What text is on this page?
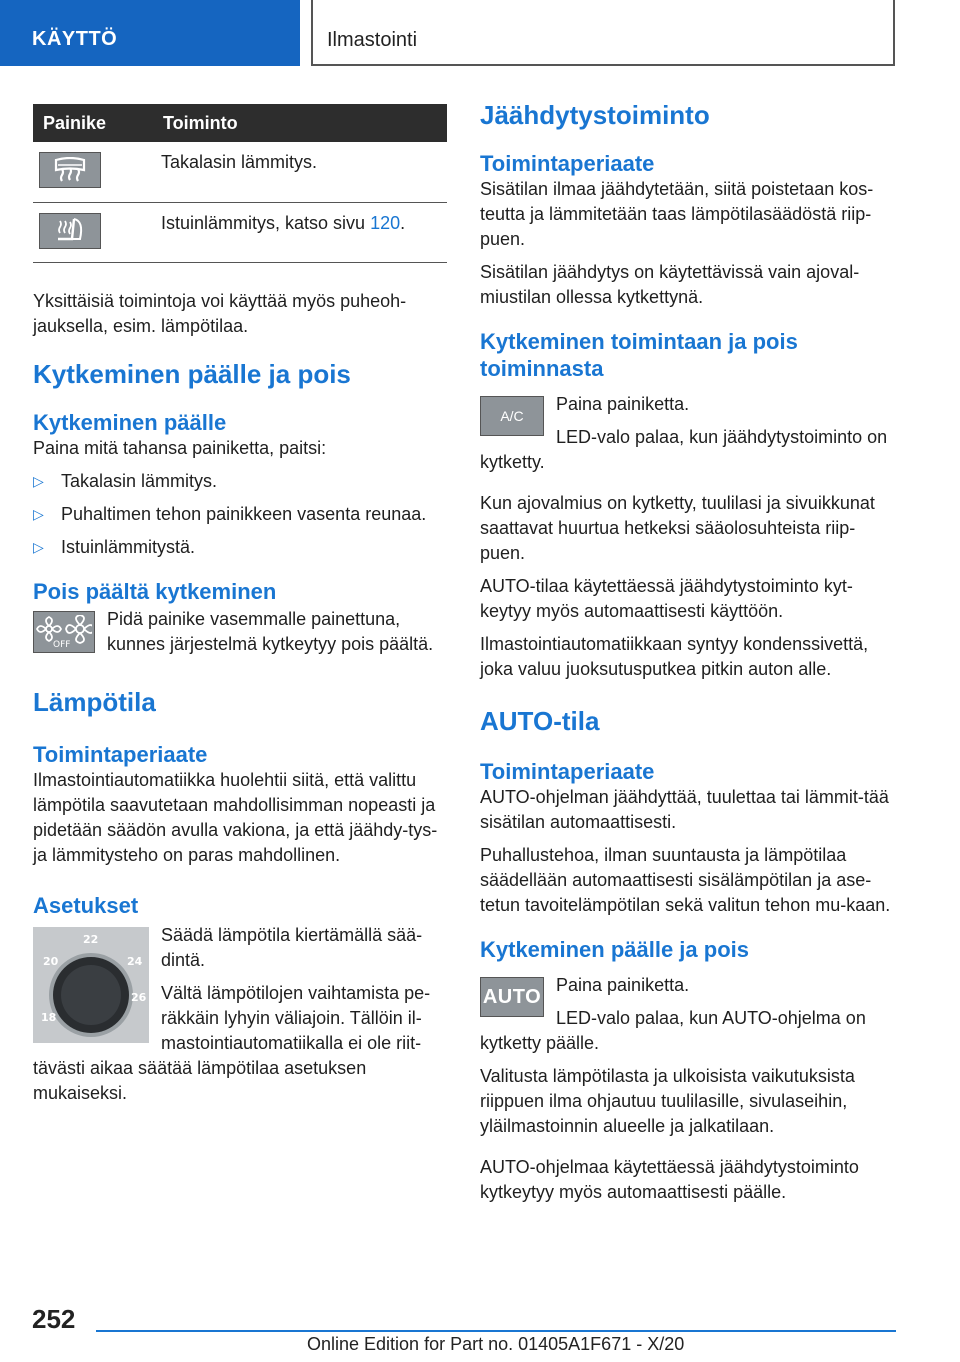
KÄYTTÖ	Ilmastointi
Painike	Toiminto

	Takalasin lämmitys.

	Istuinlämmitys, katso sivu 120.

Yksittäisiä toimintoja voi käyttää myös puheoh‐jauksella, esim. lämpötilaa.

Kytkeminen päälle ja pois
Kytkeminen päälle

Paina mitä tahansa painiketta, paitsi:

▷ Takalasin lämmitys.
▷ Puhaltimen tehon painikkeen vasenta reunaa.
▷ Istuinlämmitystä.
Pois päältä kytkeminen
OFF

Pidä painike vasemmalle painettuna, kunnes järjestelmä kytkeytyy pois päältä.

Lämpötila
Toimintaperiaate

Ilmastointiautomatiikka huolehtii siitä, että valittu lämpötila saavutetaan mahdollisimman nopeasti ja pidetään säädön avulla vakiona, ja että jäähdy‐tys- ja lämmitysteho on paras mahdollinen.

Asetukset
18
20
22
24
26

Säädä lämpötila kiertämällä sää‐dintä.

Vältä lämpötilojen vaihtamista pe‐räkkäin lyhyin väliajoin. Tällöin il‐mastointiautomatiikalla ei ole riit‐tävästi aikaa säätää lämpötilaa asetuksen mukaiseksi.

Jäähdytystoiminto
Toimintaperiaate

Sisätilan ilmaa jäähdytetään, siitä poistetaan kos‐teutta ja lämmitetään taas lämpötilasäädöstä riip‐puen.

Sisätilan jäähdytys on käytettävissä vain ajoval‐miustilan ollessa kytkettynä.

Kytkeminen toimintaan ja pois toiminnasta
A/C

Paina painiketta.

LED-valo palaa, kun jäähdytystoiminto on kytketty.

Kun ajovalmius on kytketty, tuulilasi ja sivuikkunat saattavat huurtua hetkeksi sääolosuhteista riip‐puen.

AUTO-tilaa käytettäessä jäähdytystoiminto kyt‐keytyy myös automaattisesti käyttöön.

Ilmastointiautomatiikkaan syntyy kondenssivettä, joka valuu juoksutusputkea pitkin auton alle.

AUTO-tila
Toimintaperiaate

AUTO-ohjelman jäähdyttää, tuulettaa tai lämmit‐tää sisätilan automaattisesti.

Puhallustehoa, ilman suuntausta ja lämpötilaa säädellään automaattisesti sisälämpötilan ja ase‐tetun tavoitelämpötilan sekä valitun tehon mu‐kaan.

Kytkeminen päälle ja pois
AUTO

Paina painiketta.

LED-valo palaa, kun AUTO-ohjelma on kytketty päälle.

Valitusta lämpötilasta ja ulkoisista vaikutuksista riippuen ilma ohjautuu tuulilasille, sivulaseihin, yläilmastoinnin alueelle ja jalkatilaan.

AUTO-ohjelmaa käytettäessä jäähdytystoiminto kytkeytyy myös automaattisesti päälle.

252
Online Edition for Part no. 01405A1F671 - X/20
